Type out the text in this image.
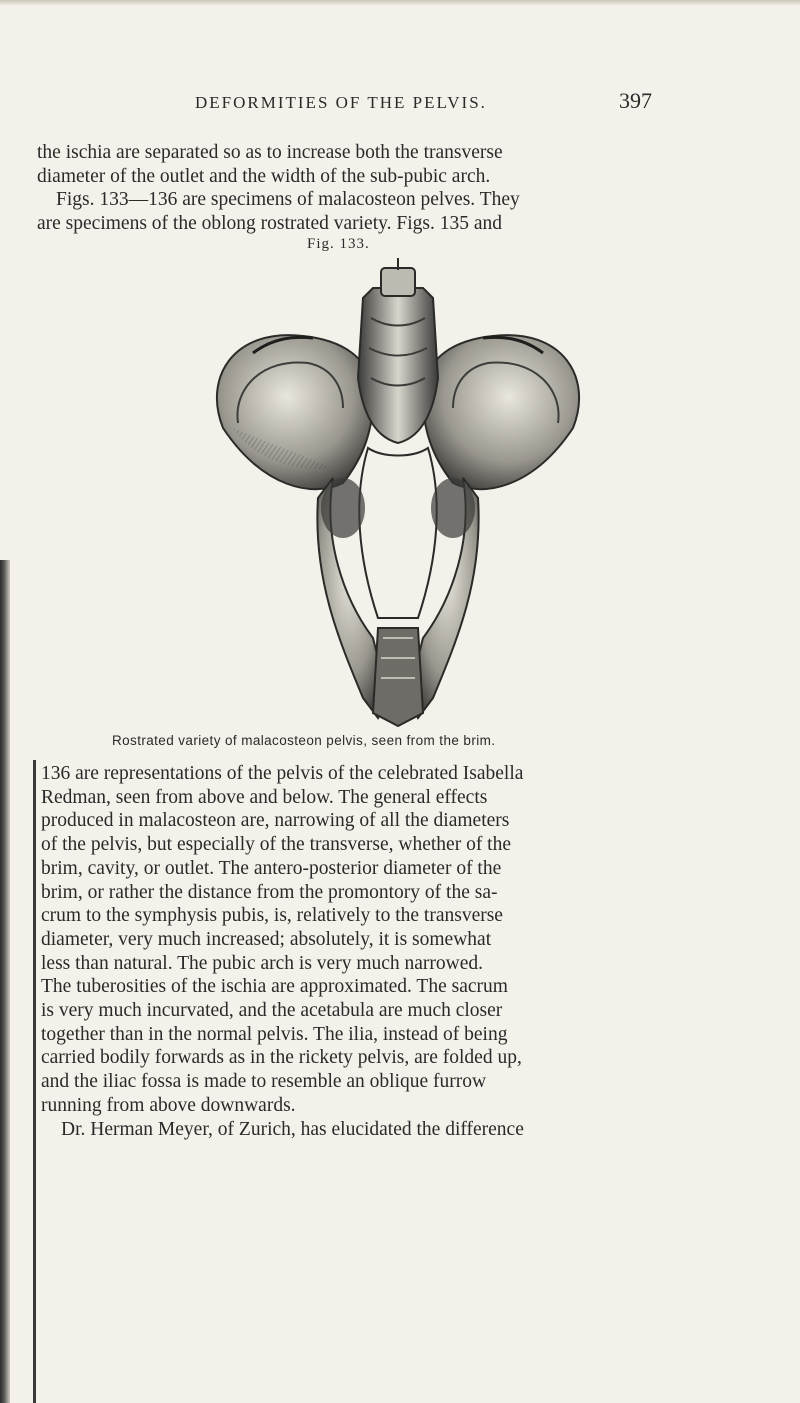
DEFORMITIES OF THE PELVIS.	397
the ischia are separated so as to increase both the transverse
diameter of the outlet and the width of the sub-pubic arch.
Figs. 133—136 are specimens of malacosteon pelves. They
are specimens of the oblong rostrated variety. Figs. 135 and
Fig. 133.
Rostrated variety of malacosteon pelvis, seen from the brim.
136 are representations of the pelvis of the celebrated Isabella
Redman, seen from above and below. The general effects
produced in malacosteon are, narrowing of all the diameters
of the pelvis, but especially of the transverse, whether of the
brim, cavity, or outlet. The antero-posterior diameter of the
brim, or rather the distance from the promontory of the sa-
crum to the symphysis pubis, is, relatively to the transverse
diameter, very much increased; absolutely, it is somewhat
less than natural. The pubic arch is very much narrowed.
The tuberosities of the ischia are approximated. The sacrum
is very much incurvated, and the acetabula are much closer
together than in the normal pelvis. The ilia, instead of being
carried bodily forwards as in the rickety pelvis, are folded up,
and the iliac fossa is made to resemble an oblique furrow
running from above downwards.
Dr. Herman Meyer, of Zurich, has elucidated the difference
